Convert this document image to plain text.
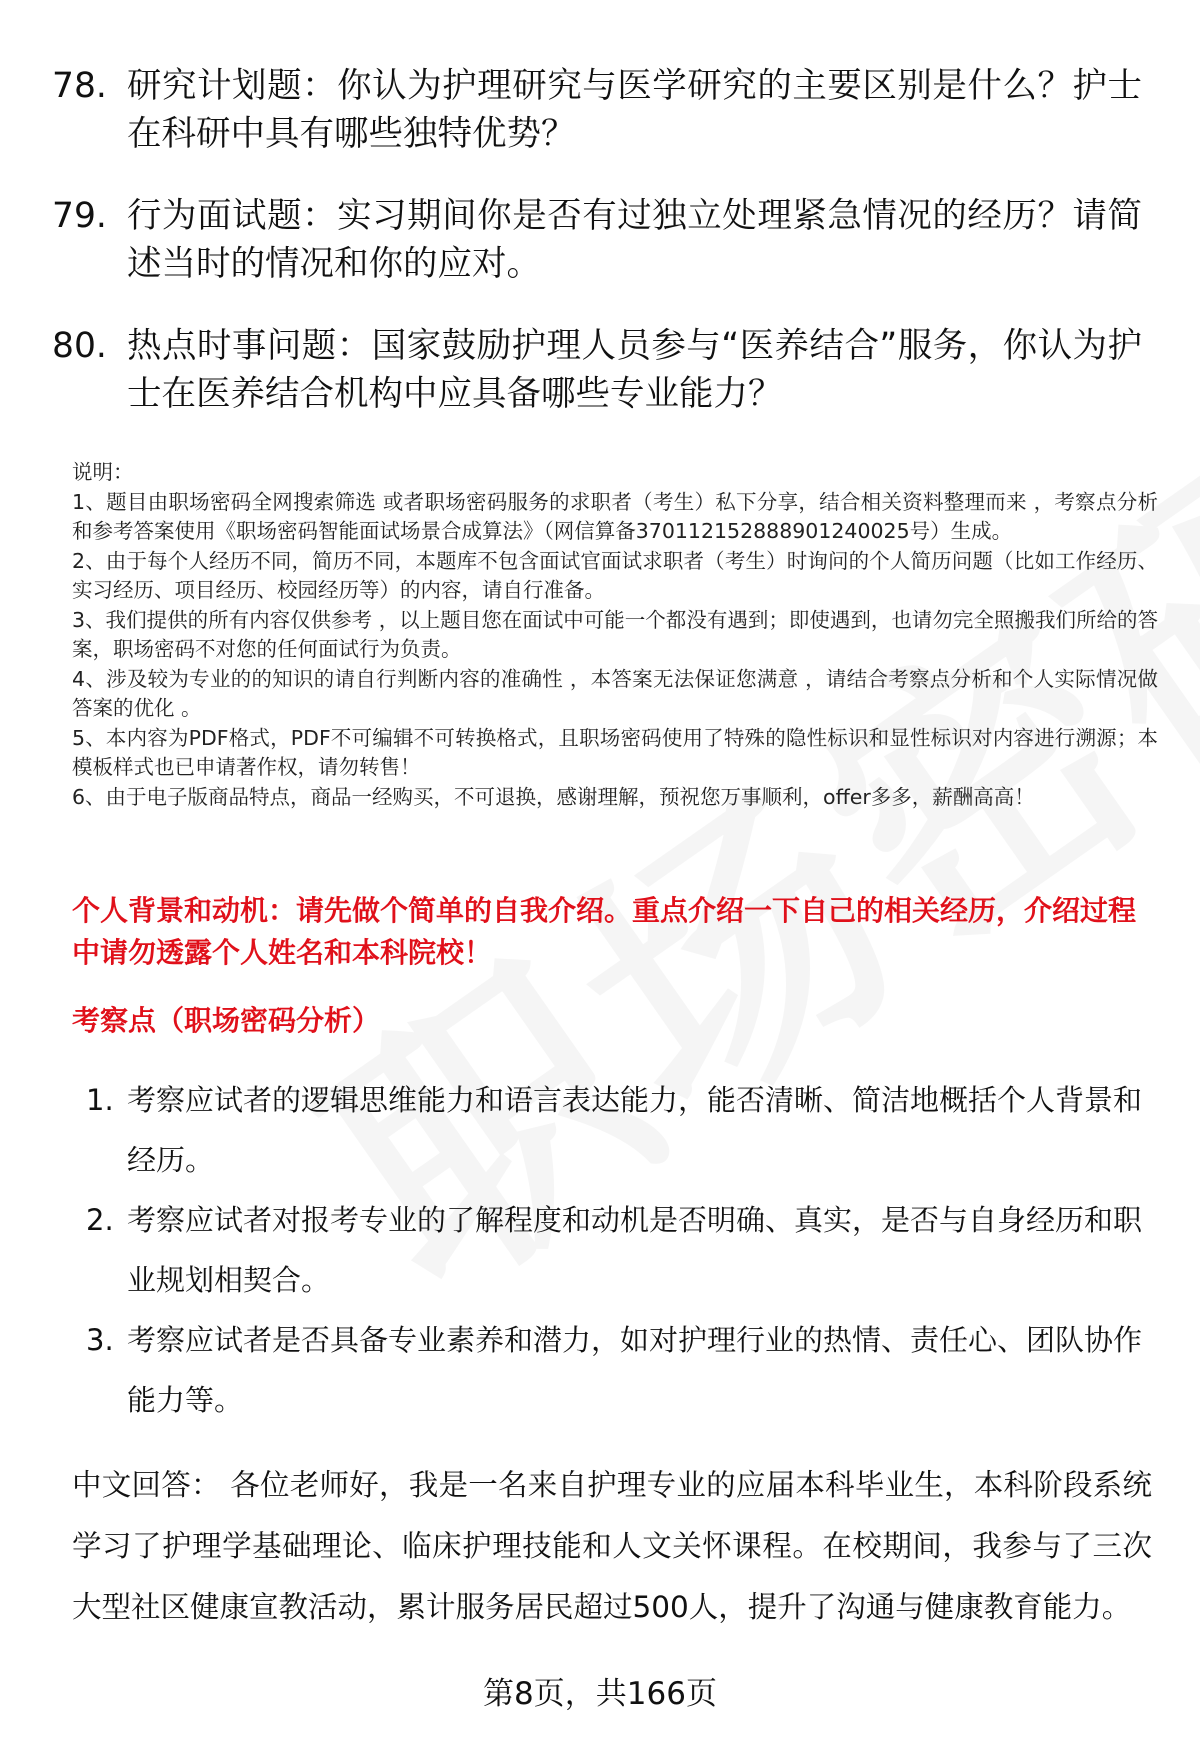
78. 研究计划题：你认为护理研究与医学研究的主要区别是什么？护士在科研中具有哪些独特优势？
79. 行为面试题：实习期间你是否有过独立处理紧急情况的经历？请简述当时的情况和你的应对。
80. 热点时事问题：国家鼓励护理人员参与“医养结合”服务，你认为护士在医养结合机构中应具备哪些专业能力？

说明：

1、题目由职场密码全网搜索筛选 或者职场密码服务的求职者（考生）私下分享，结合相关资料整理而来 ，考察点分析和参考答案使用《职场密码智能面试场景合成算法》（网信算备370112152888901240025号）生成。

2、由于每个人经历不同，简历不同，本题库不包含面试官面试求职者（考生）时询问的个人简历问题（比如工作经历、实习经历、项目经历、校园经历等）的内容，请自行准备。

3、我们提供的所有内容仅供参考 ，以上题目您在面试中可能一个都没有遇到；即使遇到，也请勿完全照搬我们所给的答案，职场密码不对您的任何面试行为负责。

4、涉及较为专业的的知识的请自行判断内容的准确性 ，本答案无法保证您满意 ，请结合考察点分析和个人实际情况做答案的优化 。

5、本内容为PDF格式，PDF不可编辑不可转换格式，且职场密码使用了特殊的隐性标识和显性标识对内容进行溯源；本模板样式也已申请著作权，请勿转售！

6、由于电子版商品特点，商品一经购买，不可退换，感谢理解，预祝您万事顺利，offer多多，薪酬高高！

个人背景和动机：请先做个简单的自我介绍。重点介绍一下自己的相关经历，介绍过程中请勿透露个人姓名和本科院校！
考察点（职场密码分析）
1. 考察应试者的逻辑思维能力和语言表达能力，能否清晰、简洁地概括个人背景和经历。
2. 考察应试者对报考专业的了解程度和动机是否明确、真实，是否与自身经历和职业规划相契合。
3. 考察应试者是否具备专业素养和潜力，如对护理行业的热情、责任心、团队协作能力等。
中文回答： 各位老师好，我是一名来自护理专业的应届本科毕业生，本科阶段系统学习了护理学基础理论、临床护理技能和人文关怀课程。在校期间，我参与了三次大型社区健康宣教活动，累计服务居民超过500人，提升了沟通与健康教育能力。
第8页，共166页
